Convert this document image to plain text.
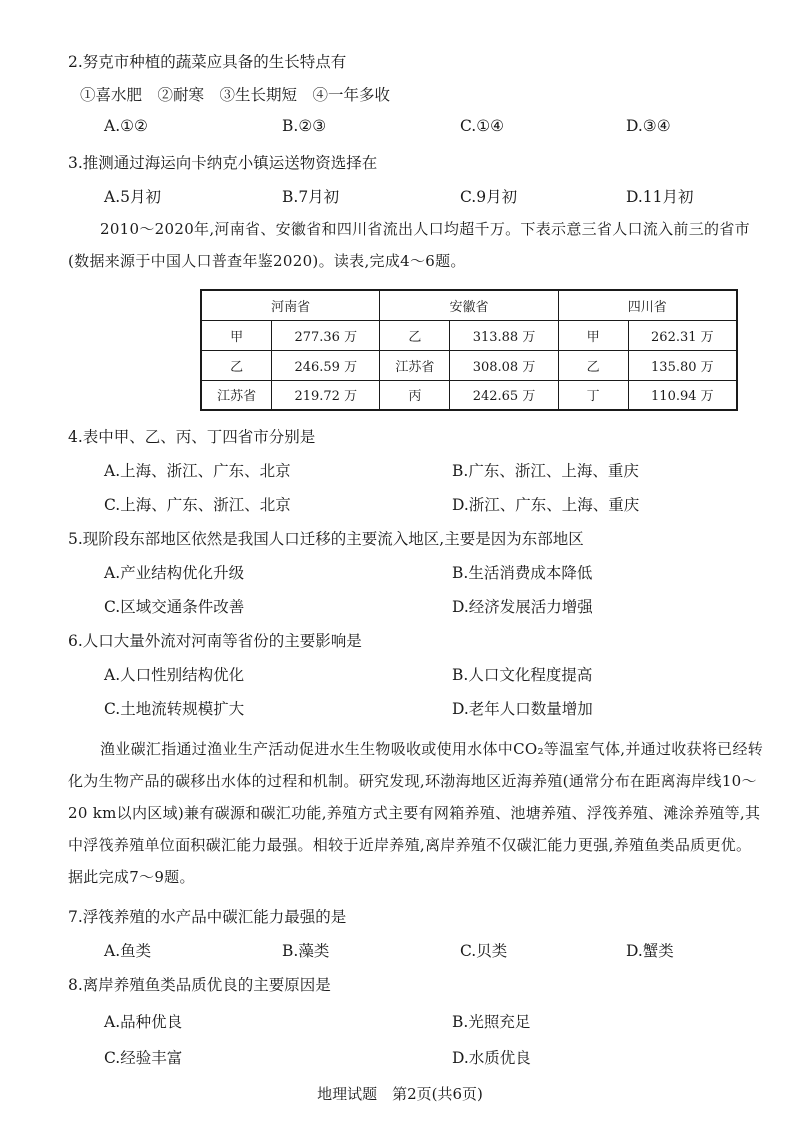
2.努克市种植的蔬菜应具备的生长特点有
①喜水肥　②耐寒　③生长期短　④一年多收
A.①②	B.②③	C.①④	D.③④
3.推测通过海运向卡纳克小镇运送物资选择在
A.5月初	B.7月初	C.9月初	D.11月初
2010～2020年,河南省、安徽省和四川省流出人口均超千万。下表示意三省人口流入前三的省市(数据来源于中国人口普查年鉴2020)。读表,完成4～6题。
河南省		安徽省		四川省	
甲	277.36 万	乙	313.88 万	甲	262.31 万
乙	246.59 万	江苏省	308.08 万	乙	135.80 万
江苏省	219.72 万	丙	242.65 万	丁	110.94 万
4.表中甲、乙、丙、丁四省市分别是
A.上海、浙江、广东、北京	B.广东、浙江、上海、重庆
C.上海、广东、浙江、北京	D.浙江、广东、上海、重庆
5.现阶段东部地区依然是我国人口迁移的主要流入地区,主要是因为东部地区
A.产业结构优化升级	B.生活消费成本降低
C.区域交通条件改善	D.经济发展活力增强
6.人口大量外流对河南等省份的主要影响是
A.人口性别结构优化	B.人口文化程度提高
C.土地流转规模扩大	D.老年人口数量增加
渔业碳汇指通过渔业生产活动促进水生生物吸收或使用水体中CO₂等温室气体,并通过收获将已经转化为生物产品的碳移出水体的过程和机制。研究发现,环渤海地区近海养殖(通常分布在距离海岸线10～20 km以内区域)兼有碳源和碳汇功能,养殖方式主要有网箱养殖、池塘养殖、浮筏养殖、滩涂养殖等,其中浮筏养殖单位面积碳汇能力最强。相较于近岸养殖,离岸养殖不仅碳汇能力更强,养殖鱼类品质更优。据此完成7～9题。
7.浮筏养殖的水产品中碳汇能力最强的是
A.鱼类	B.藻类	C.贝类	D.蟹类
8.离岸养殖鱼类品质优良的主要原因是
A.品种优良	B.光照充足
C.经验丰富	D.水质优良
地理试题　第2页(共6页)
